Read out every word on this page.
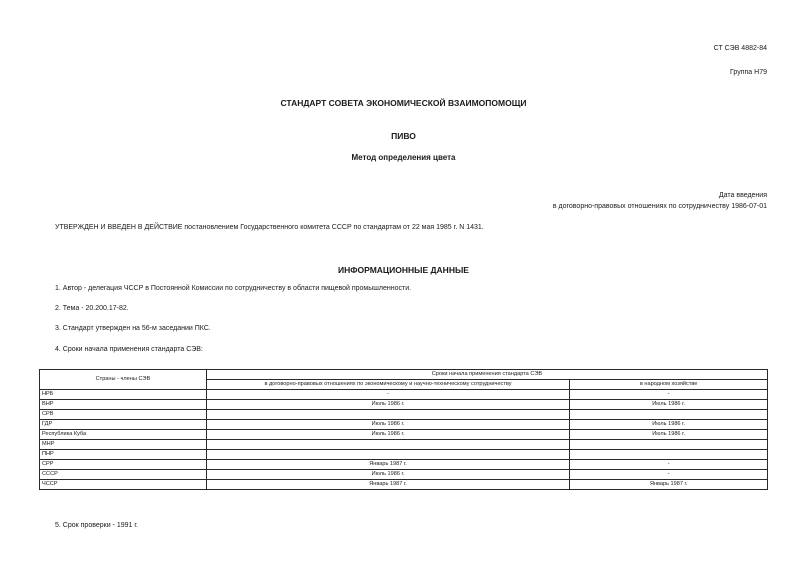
СТ СЭВ 4882-84
Группа Н79
СТАНДАРТ СОВЕТА ЭКОНОМИЧЕСКОЙ ВЗАИМОПОМОЩИ
ПИВО
Метод определения цвета
Дата введения
в договорно-правовых отношениях по сотрудничеству 1986-07-01
УТВЕРЖДЕН И ВВЕДЕН В ДЕЙСТВИЕ постановлением Государственного комитета СССР по стандартам от 22 мая 1985 г. N 1431.
ИНФОРМАЦИОННЫЕ ДАННЫЕ
1. Автор - делегация ЧССР в Постоянной Комиссии по сотрудничеству в области пищевой промышленности.
2. Тема - 20.200.17-82.
3. Стандарт утвержден на 56-м заседании ПКС.
4. Сроки начала применения стандарта СЭВ:
Страны - члены СЭВ	Сроки начала применения стандарта СЭВ	
	в договорно-правовых отношениях по экономическому и научно-техническому сотрудничеству	в народном хозяйстве
НРБ	-	-
ВНР	Июль 1986 г.	Июль 1986 г.
СРВ		
ГДР	Июль 1986 г.	Июль 1986 г.
Республика Куба	Июль 1986 г.	Июль 1986 г.
МНР		
ПНР		
СРР	Январь 1987 г.	-
СССР	Июль 1986 г.	-
ЧССР	Январь 1987 г.	Январь 1987 г.
5. Срок проверки - 1991 г.
